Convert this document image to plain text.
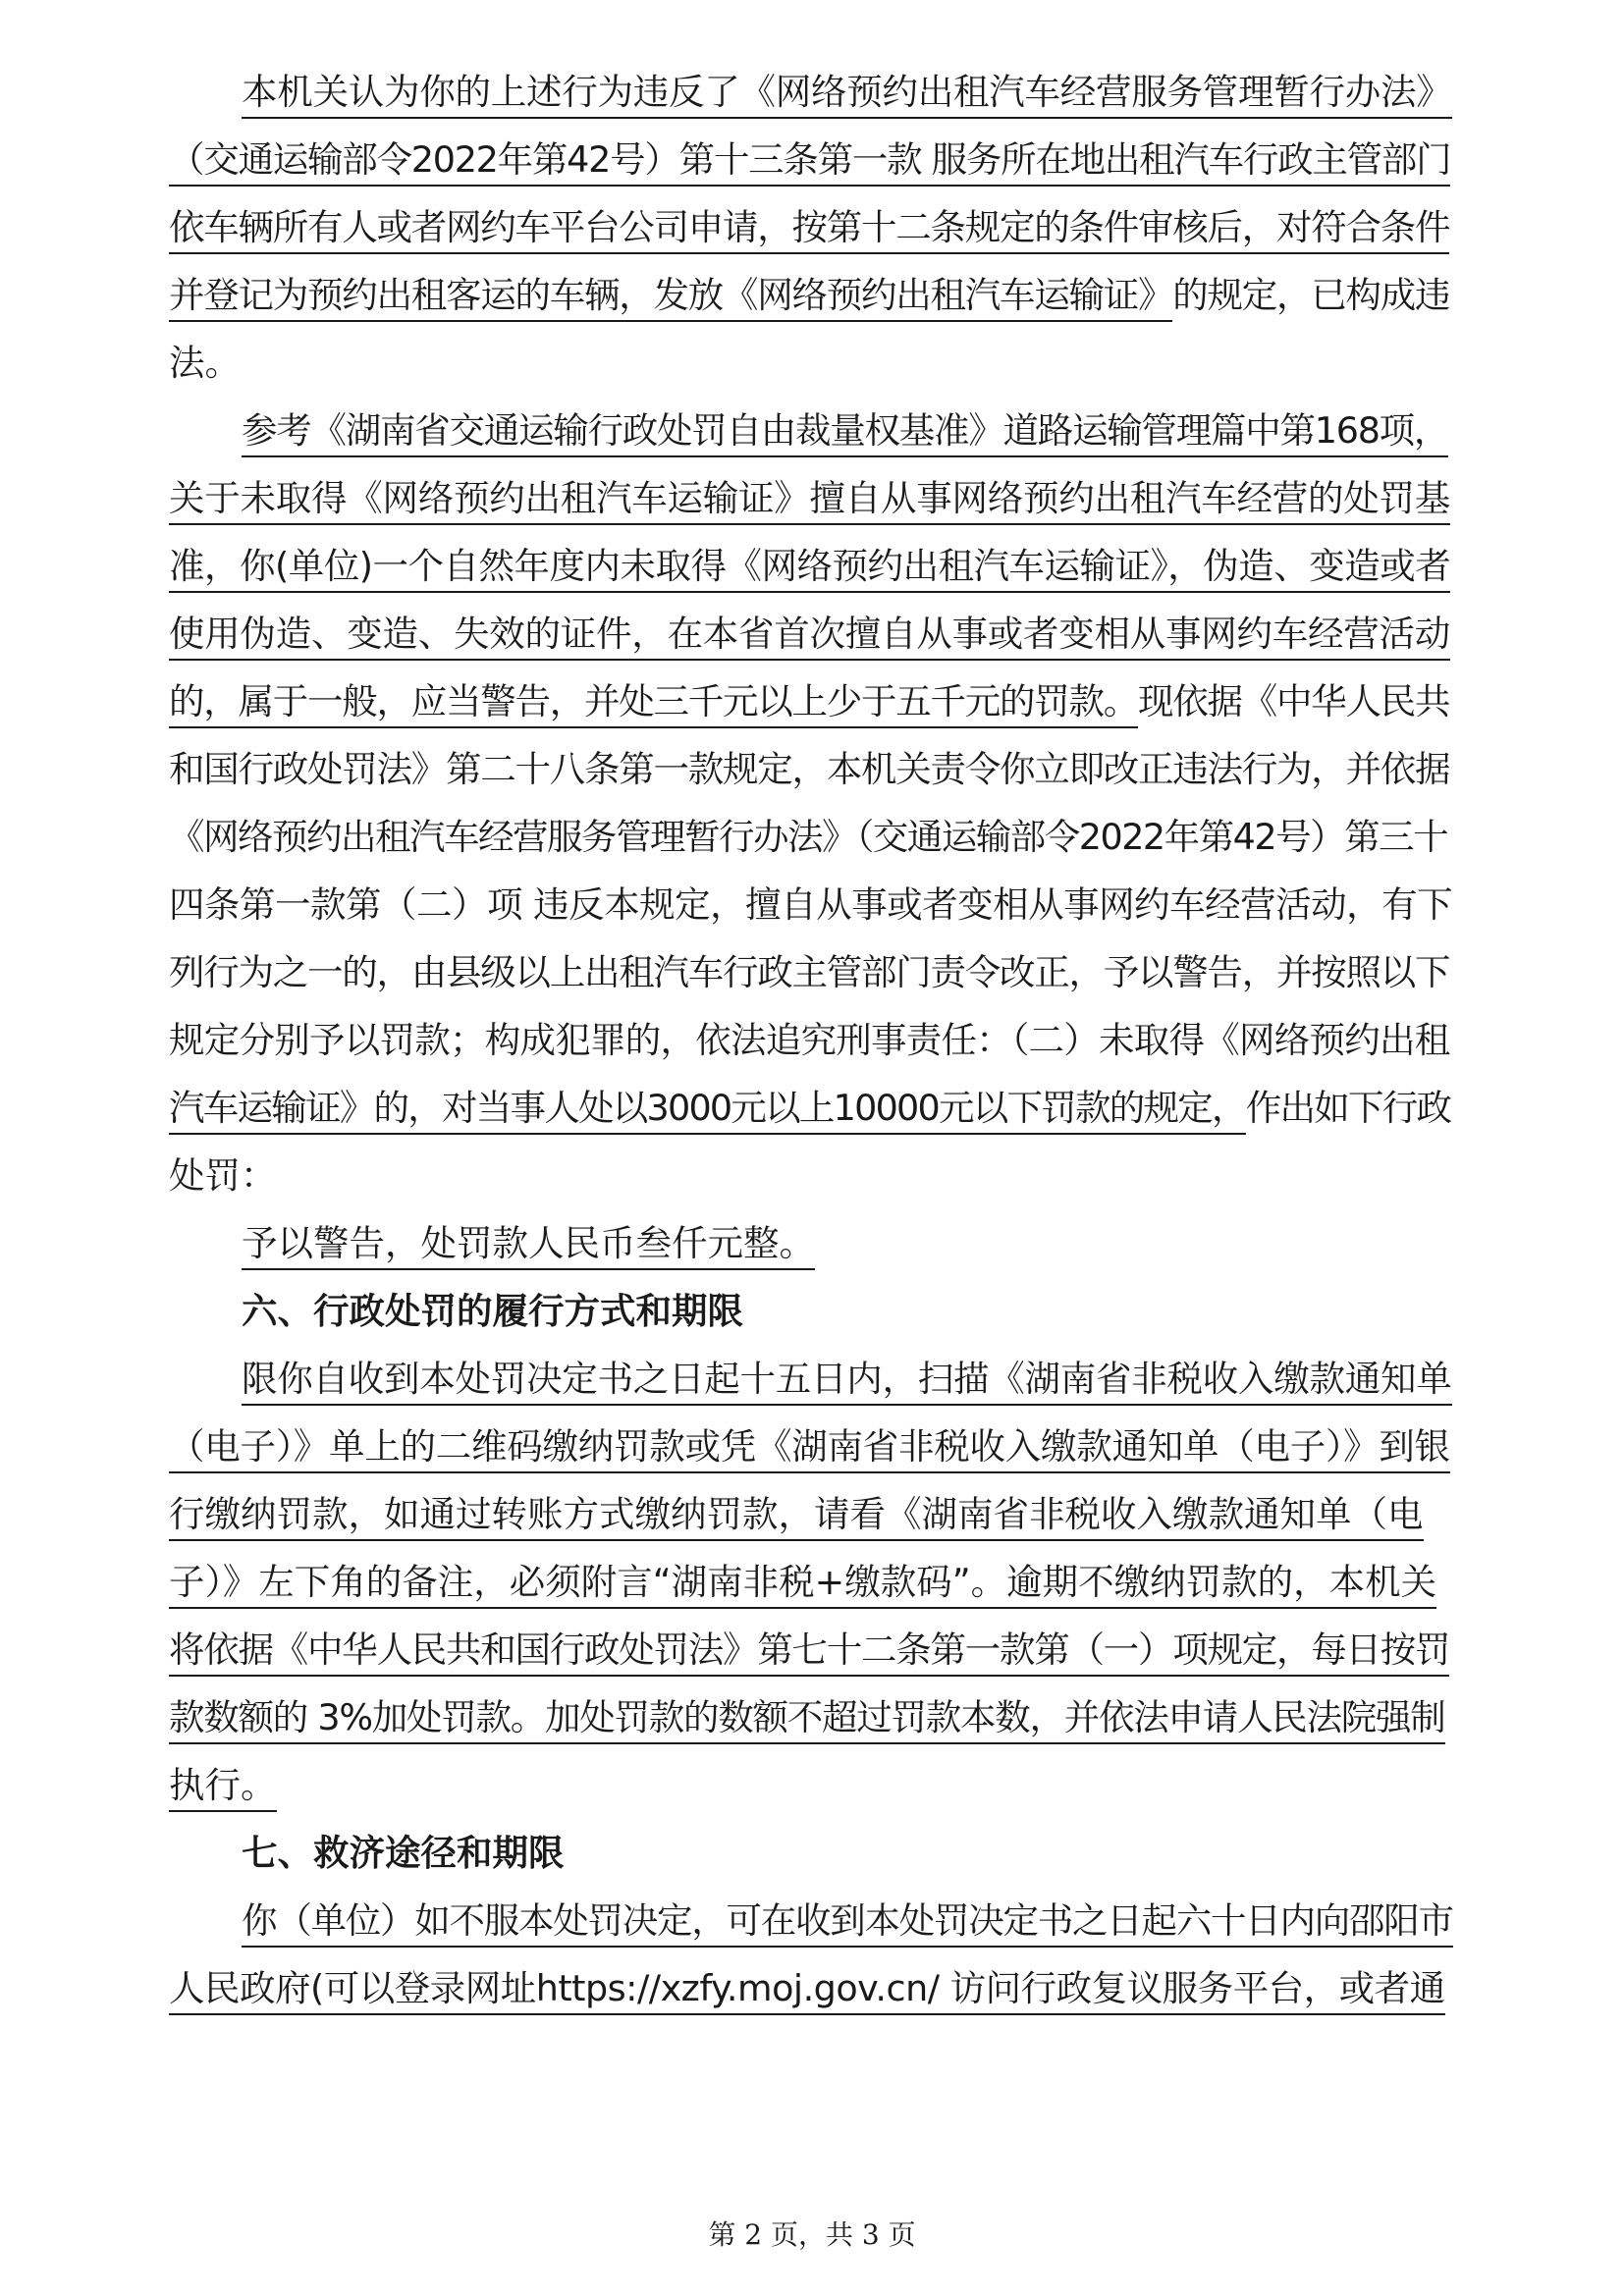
本机关认为你的上述行为违反了《网络预约出租汽车经营服务管理暂行办法》
（交通运输部令2022年第42号）第十三条第一款 服务所在地出租汽车行政主管部门
依车辆所有人或者网约车平台公司申请，按第十二条规定的条件审核后，对符合条件
并登记为预约出租客运的车辆，发放《网络预约出租汽车运输证》的规定，已构成违
法。
参考《湖南省交通运输行政处罚自由裁量权基准》道路运输管理篇中第168项，
关于未取得《网络预约出租汽车运输证》擅自从事网络预约出租汽车经营的处罚基
准，你(单位)一个自然年度内未取得《网络预约出租汽车运输证》，伪造、变造或者
使用伪造、变造、失效的证件，在本省首次擅自从事或者变相从事网约车经营活动
的，属于一般，应当警告，并处三千元以上少于五千元的罚款。现依据《中华人民共
和国行政处罚法》第二十八条第一款规定，本机关责令你立即改正违法行为，并依据
《网络预约出租汽车经营服务管理暂行办法》（交通运输部令2022年第42号）第三十
四条第一款第（二）项 违反本规定，擅自从事或者变相从事网约车经营活动，有下
列行为之一的，由县级以上出租汽车行政主管部门责令改正，予以警告，并按照以下
规定分别予以罚款；构成犯罪的，依法追究刑事责任：（二）未取得《网络预约出租
汽车运输证》的，对当事人处以3000元以上10000元以下罚款的规定，作出如下行政
处罚：
予以警告，处罚款人民币叁仟元整。
六、行政处罚的履行方式和期限
限你自收到本处罚决定书之日起十五日内，扫描《湖南省非税收入缴款通知单
（电子）》单上的二维码缴纳罚款或凭《湖南省非税收入缴款通知单（电子）》到银
行缴纳罚款，如通过转账方式缴纳罚款，请看《湖南省非税收入缴款通知单（电
子）》左下角的备注，必须附言“湖南非税+缴款码”。逾期不缴纳罚款的，本机关
将依据《中华人民共和国行政处罚法》第七十二条第一款第（一）项规定，每日按罚
款数额的 3%加处罚款。加处罚款的数额不超过罚款本数，并依法申请人民法院强制
执行。
七、救济途径和期限
你（单位）如不服本处罚决定，可在收到本处罚决定书之日起六十日内向邵阳市
人民政府(可以登录网址https://xzfy.moj.gov.cn/ 访问行政复议服务平台，或者通
第 2 页，共 3 页
